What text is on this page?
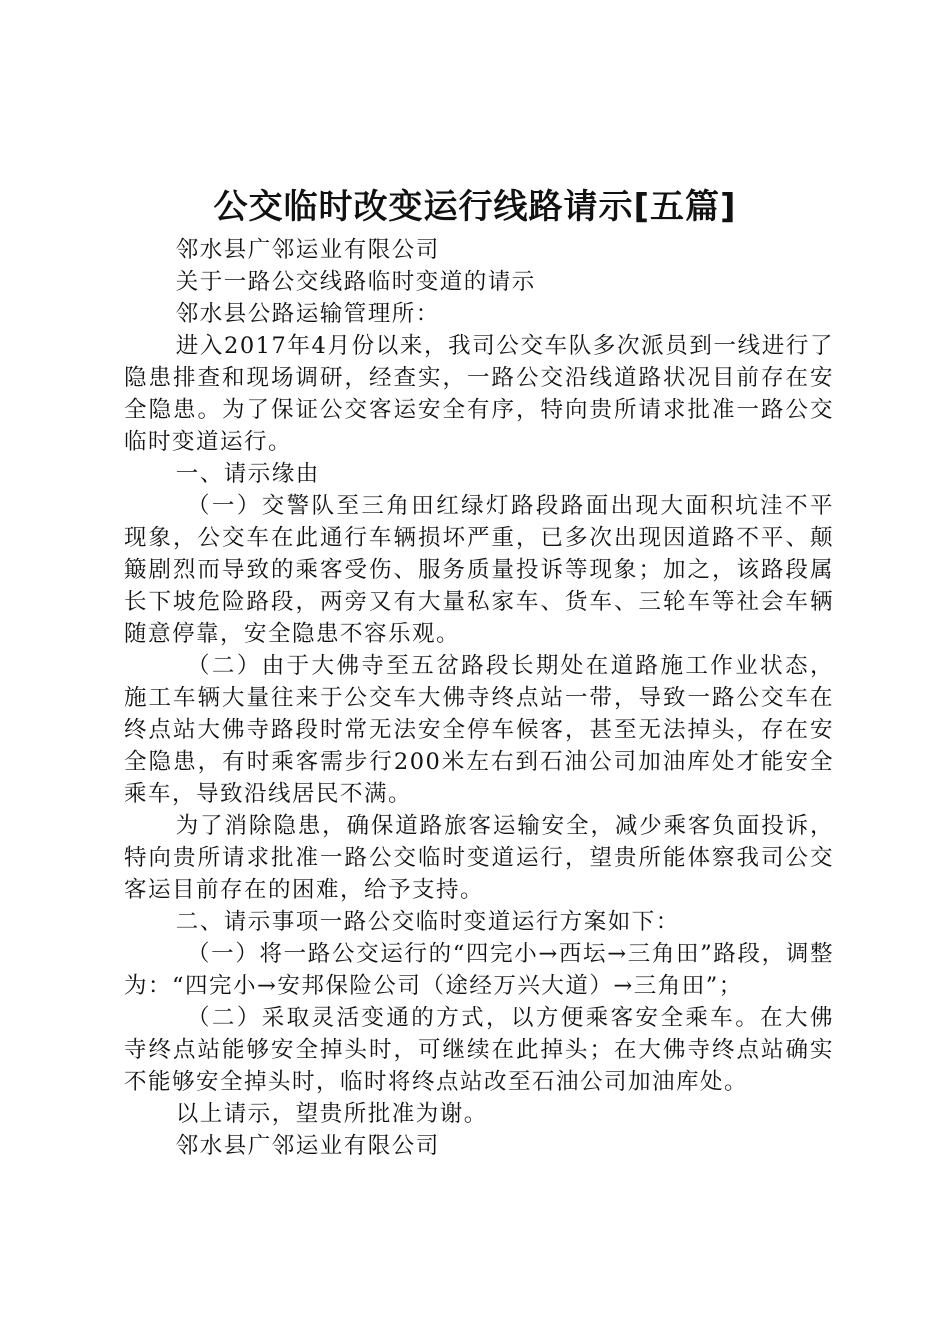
公交临时改变运行线路请示[五篇]

邻水县广邻运业有限公司

关于一路公交线路临时变道的请示

邻水县公路运输管理所：

进入2017年4月份以来，我司公交车队多次派员到一线进行了隐患排查和现场调研，经查实，一路公交沿线道路状况目前存在安全隐患。为了保证公交客运安全有序，特向贵所请求批准一路公交临时变道运行。

一、请示缘由

（一）交警队至三角田红绿灯路段路面出现大面积坑洼不平现象，公交车在此通行车辆损坏严重，已多次出现因道路不平、颠簸剧烈而导致的乘客受伤、服务质量投诉等现象；加之，该路段属长下坡危险路段，两旁又有大量私家车、货车、三轮车等社会车辆随意停靠，安全隐患不容乐观。

（二）由于大佛寺至五岔路段长期处在道路施工作业状态，施工车辆大量往来于公交车大佛寺终点站一带，导致一路公交车在终点站大佛寺路段时常无法安全停车候客，甚至无法掉头，存在安全隐患，有时乘客需步行200米左右到石油公司加油库处才能安全乘车，导致沿线居民不满。

为了消除隐患，确保道路旅客运输安全，减少乘客负面投诉，特向贵所请求批准一路公交临时变道运行，望贵所能体察我司公交客运目前存在的困难，给予支持。

二、请示事项一路公交临时变道运行方案如下：

（一）将一路公交运行的“四完小→西坛→三角田”路段，调整为：“四完小→安邦保险公司（途经万兴大道）→三角田”；

（二）采取灵活变通的方式，以方便乘客安全乘车。在大佛寺终点站能够安全掉头时，可继续在此掉头；在大佛寺终点站确实不能够安全掉头时，临时将终点站改至石油公司加油库处。

以上请示，望贵所批准为谢。

邻水县广邻运业有限公司
